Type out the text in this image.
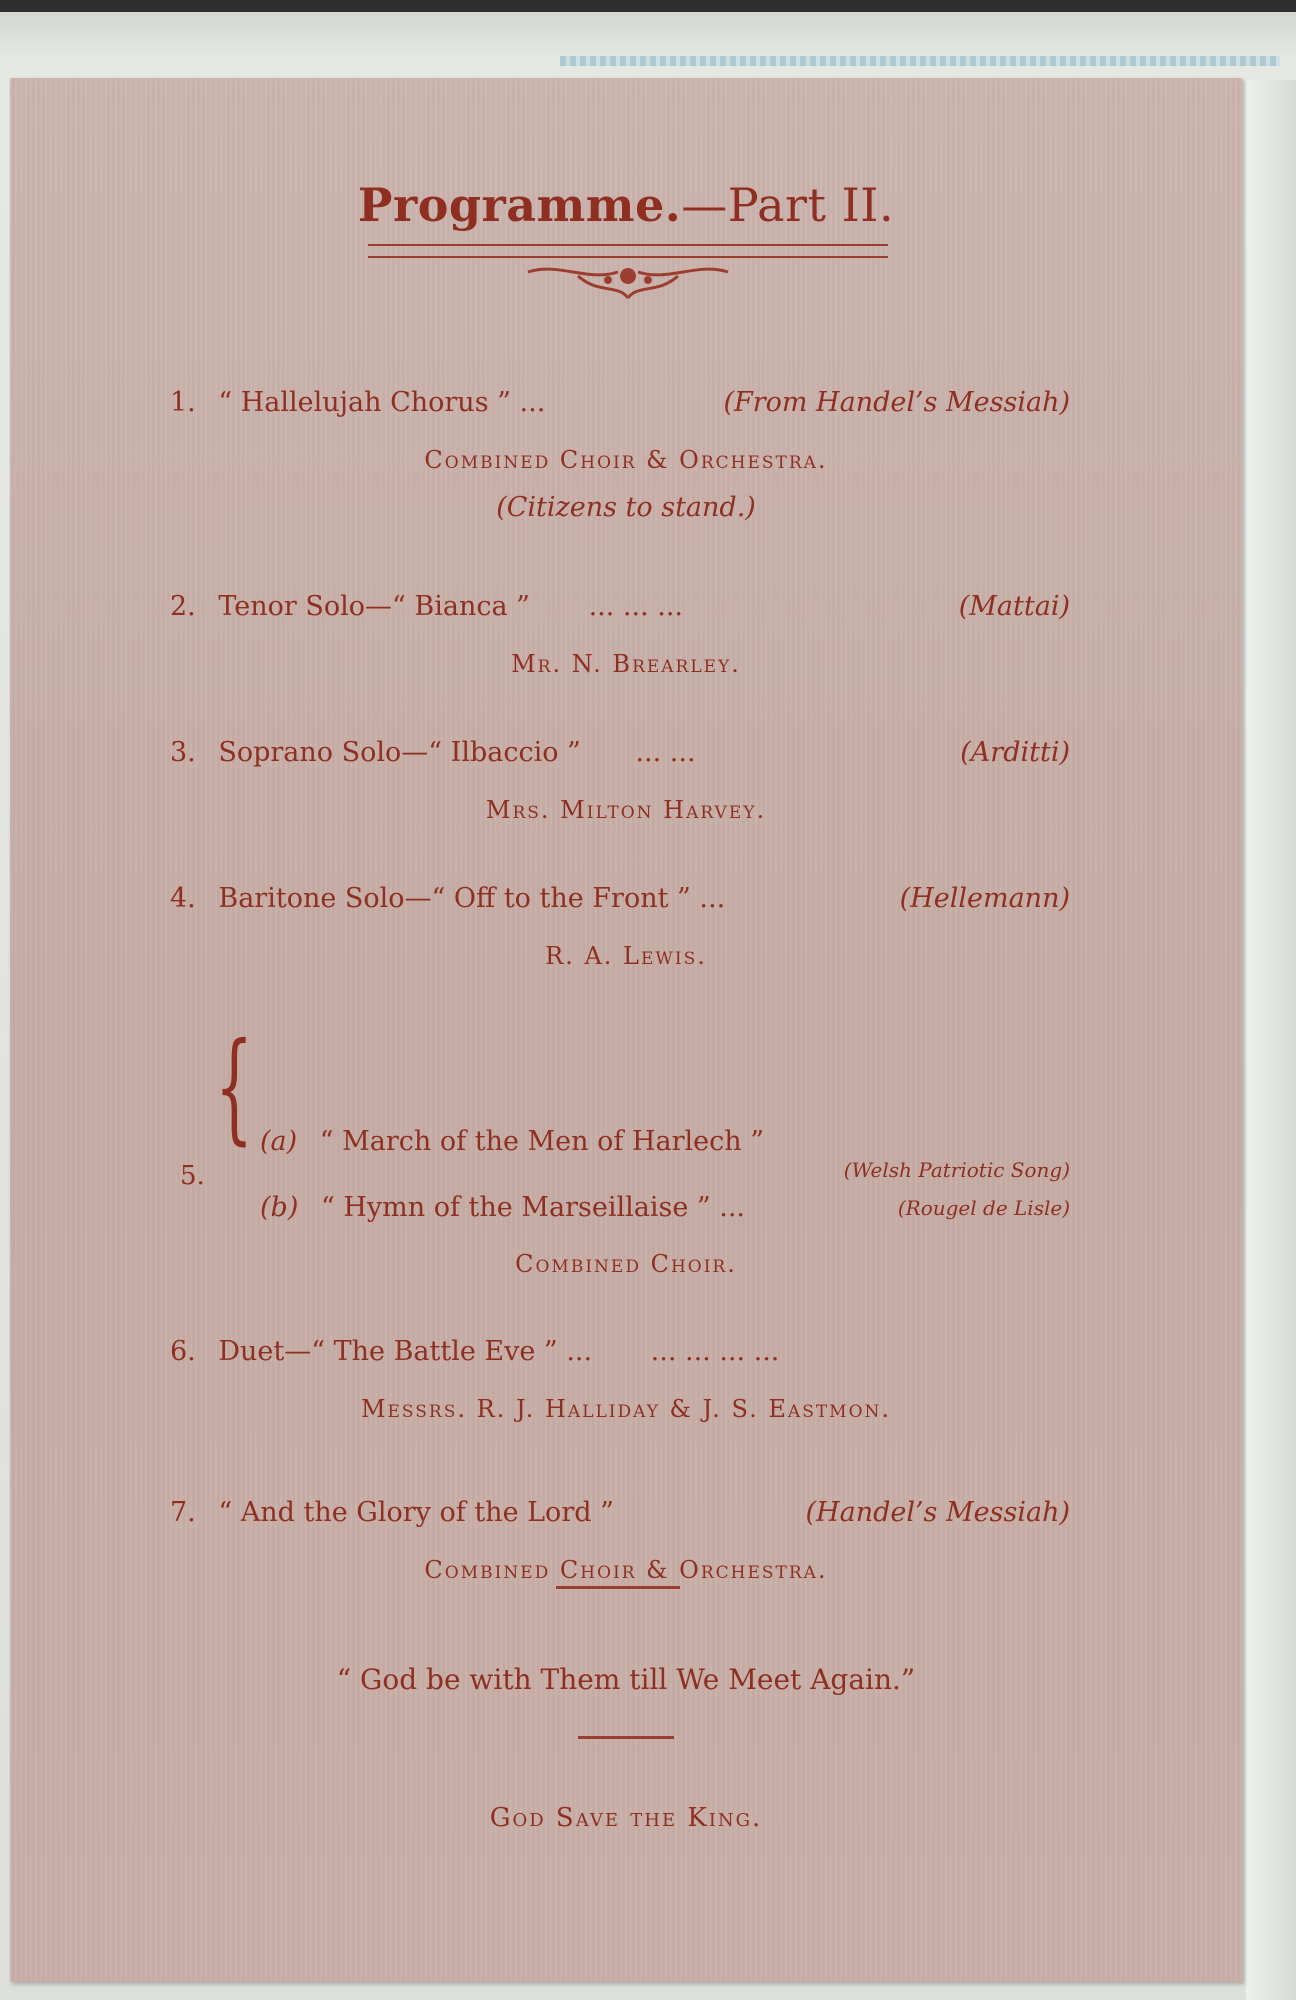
Programme.—Part II.
1. “ Hallelujah Chorus ” ...	(From Handel’s Messiah)
Combined Choir & Orchestra.
(Citizens to stand.)
2. Tenor Solo—“ Bianca ” ... ... ...	(Mattai)
Mr. N. Brearley.
3. Soprano Solo—“ Ilbaccio ” ... ...	(Arditti)
Mrs. Milton Harvey.
4. Baritone Solo—“ Off to the Front ” ...	(Hellemann)
R. A. Lewis.
5.
{ (a) “ March of the Men of Harlech ”
(Welsh Patriotic Song)
(b) “ Hymn of the Marseillaise ” ...	(Rougel de Lisle)
Combined Choir.
6. Duet—“ The Battle Eve ” ... ... ... ... ...
Messrs. R. J. Halliday & J. S. Eastmon.
7. “ And the Glory of the Lord ”	(Handel’s Messiah)
Combined Choir & Orchestra.
“ God be with Them till We Meet Again.”
God Save the King.
